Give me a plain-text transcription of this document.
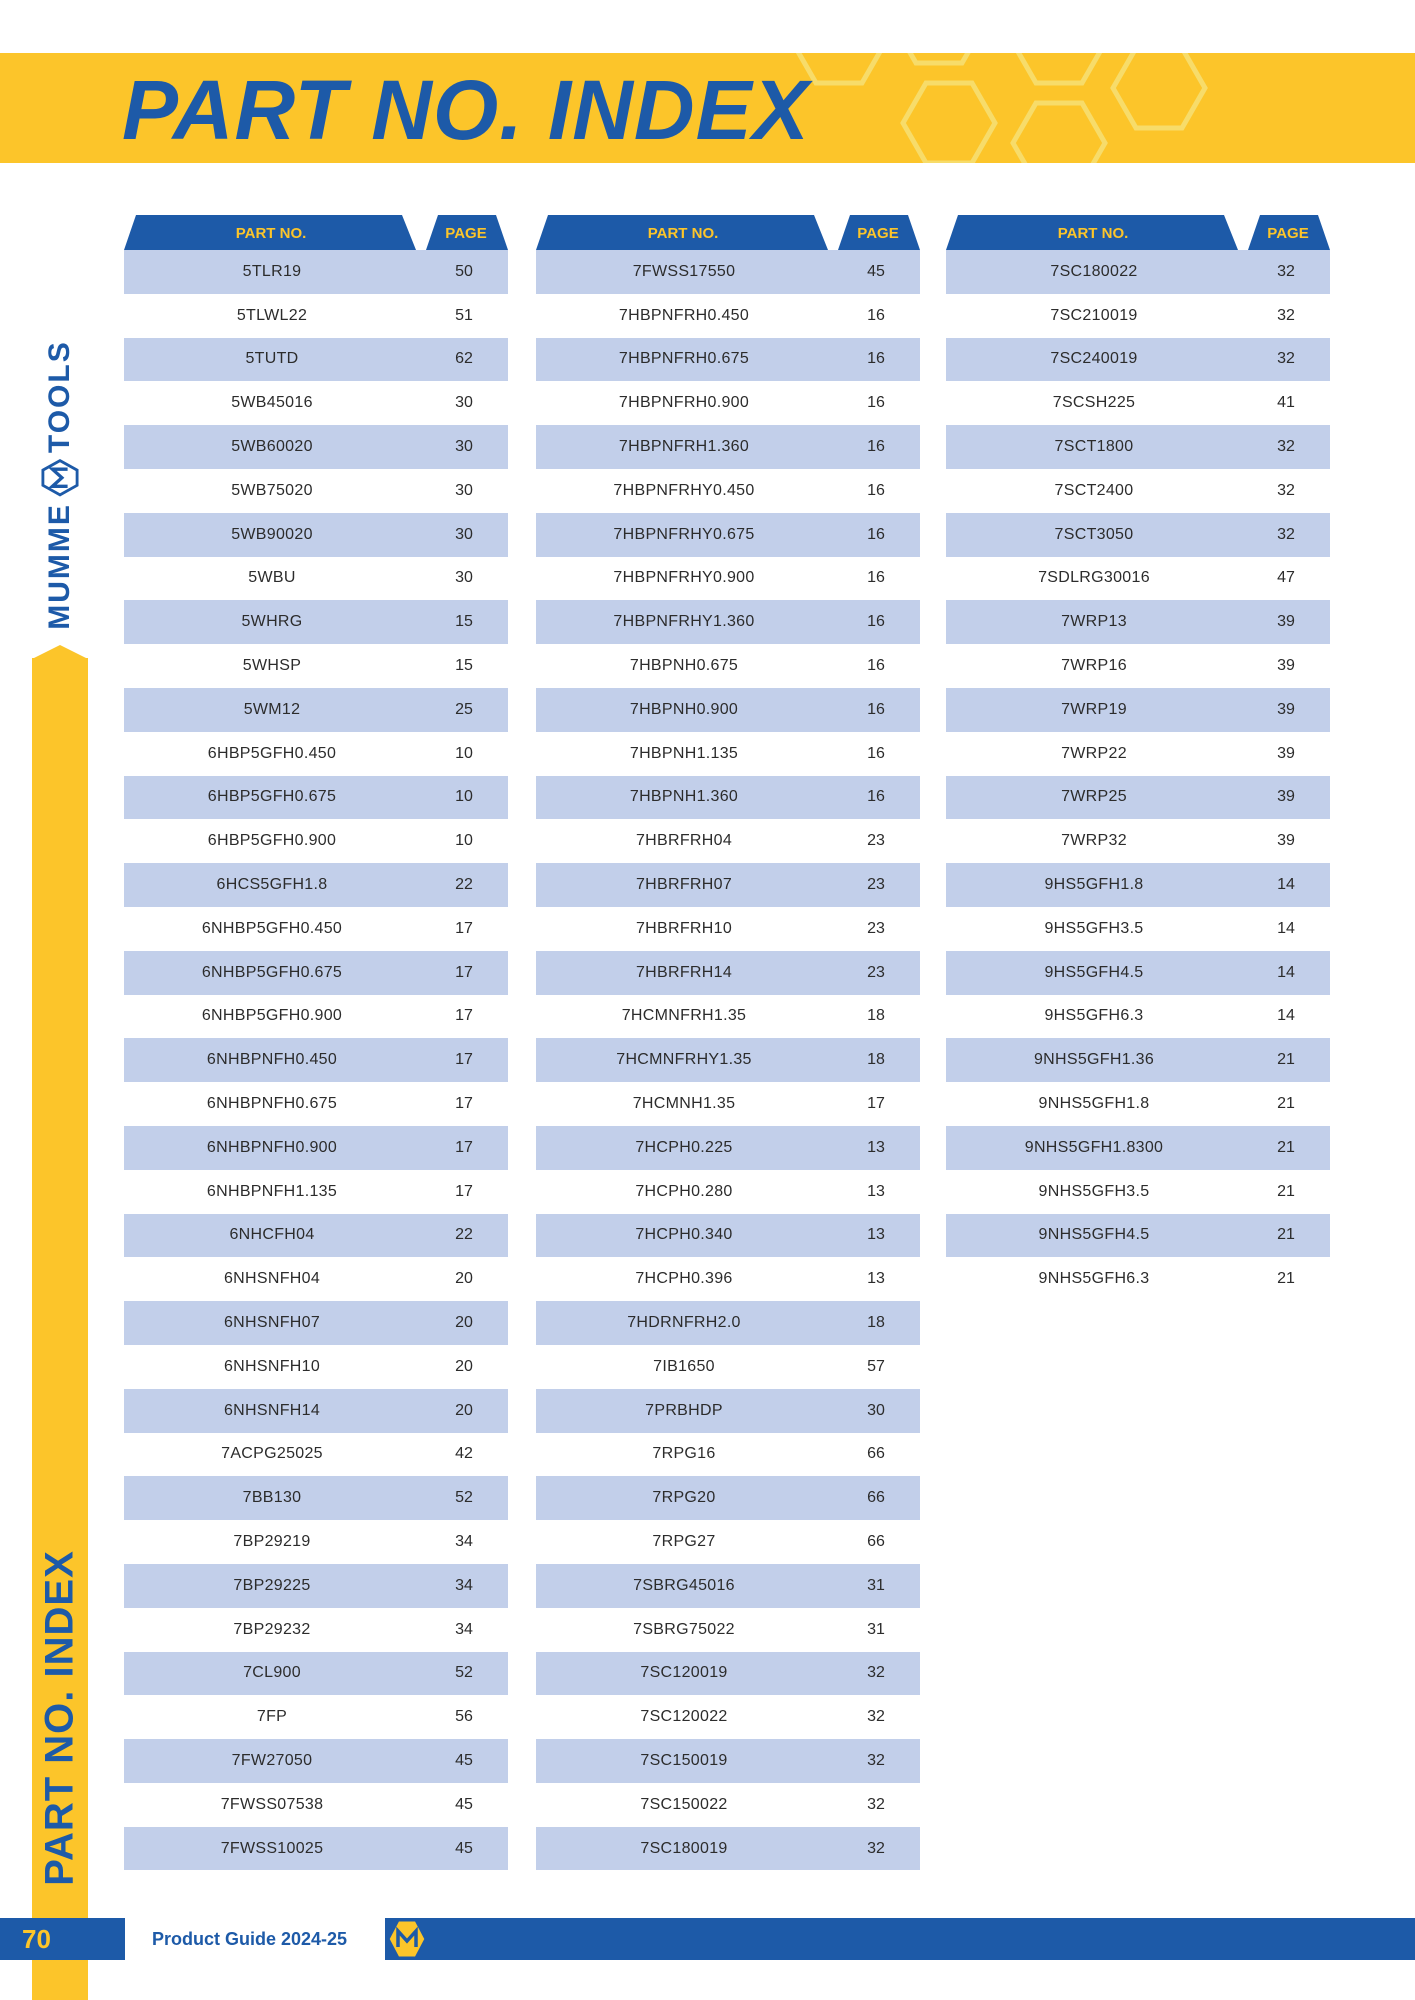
PART NO. INDEX
MUMME
TOOLS
PART NO. INDEX
PART NO.	PAGE
5TLR19	50
5TLWL22	51
5TUTD	62
5WB45016	30
5WB60020	30
5WB75020	30
5WB90020	30
5WBU	30
5WHRG	15
5WHSP	15
5WM12	25
6HBP5GFH0.450	10
6HBP5GFH0.675	10
6HBP5GFH0.900	10
6HCS5GFH1.8	22
6NHBP5GFH0.450	17
6NHBP5GFH0.675	17
6NHBP5GFH0.900	17
6NHBPNFH0.450	17
6NHBPNFH0.675	17
6NHBPNFH0.900	17
6NHBPNFH1.135	17
6NHCFH04	22
6NHSNFH04	20
6NHSNFH07	20
6NHSNFH10	20
6NHSNFH14	20
7ACPG25025	42
7BB130	52
7BP29219	34
7BP29225	34
7BP29232	34
7CL900	52
7FP	56
7FW27050	45
7FWSS07538	45
7FWSS10025	45
PART NO.	PAGE
7FWSS17550	45
7HBPNFRH0.450	16
7HBPNFRH0.675	16
7HBPNFRH0.900	16
7HBPNFRH1.360	16
7HBPNFRHY0.450	16
7HBPNFRHY0.675	16
7HBPNFRHY0.900	16
7HBPNFRHY1.360	16
7HBPNH0.675	16
7HBPNH0.900	16
7HBPNH1.135	16
7HBPNH1.360	16
7HBRFRH04	23
7HBRFRH07	23
7HBRFRH10	23
7HBRFRH14	23
7HCMNFRH1.35	18
7HCMNFRHY1.35	18
7HCMNH1.35	17
7HCPH0.225	13
7HCPH0.280	13
7HCPH0.340	13
7HCPH0.396	13
7HDRNFRH2.0	18
7IB1650	57
7PRBHDP	30
7RPG16	66
7RPG20	66
7RPG27	66
7SBRG45016	31
7SBRG75022	31
7SC120019	32
7SC120022	32
7SC150019	32
7SC150022	32
7SC180019	32
PART NO.	PAGE
7SC180022	32
7SC210019	32
7SC240019	32
7SCSH225	41
7SCT1800	32
7SCT2400	32
7SCT3050	32
7SDLRG30016	47
7WRP13	39
7WRP16	39
7WRP19	39
7WRP22	39
7WRP25	39
7WRP32	39
9HS5GFH1.8	14
9HS5GFH3.5	14
9HS5GFH4.5	14
9HS5GFH6.3	14
9NHS5GFH1.36	21
9NHS5GFH1.8	21
9NHS5GFH1.8300	21
9NHS5GFH3.5	21
9NHS5GFH4.5	21
9NHS5GFH6.3	21
70	Product Guide 2024-25
